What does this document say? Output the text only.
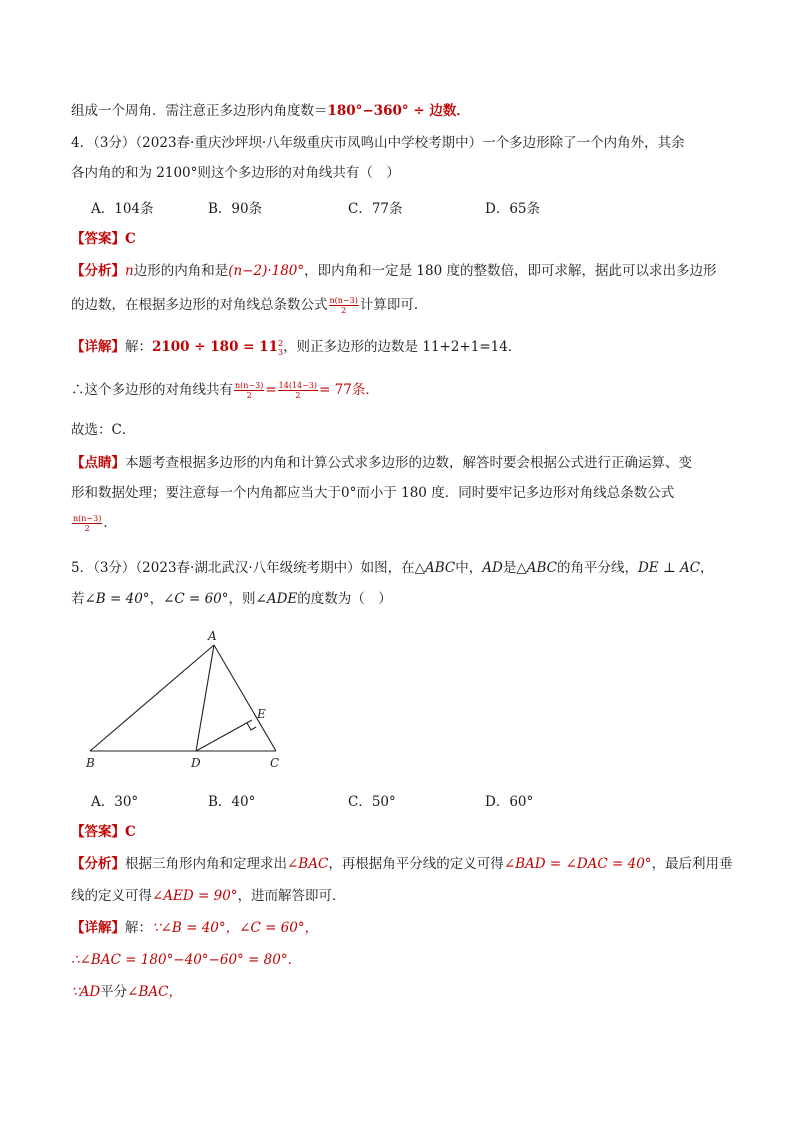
组成一个周角．需注意正多边形内角度数＝180°−360° ÷ 边数．
4．（3分）（2023春·重庆沙坪坝·八年级重庆市凤鸣山中学校考期中）一个多边形除了一个内角外，其余
各内角的和为 2100°则这个多边形的对角线共有（　）
A．104条	B．90条	C．77条	D．65条
【答案】C
【分析】n边形的内角和是(n−2)·180°，即内角和一定是 180 度的整数倍，即可求解，据此可以求出多边形
的边数，在根据多边形的对角线总条数公式 $\frac{n(n-3)}{2}$ 计算即可．
【详解】解：2100 ÷ 180 = 11 2
3 ，则正多边形的边数是 11+2+1=14．
∴这个多边形的对角线共有 $\frac{n(n-3)}{2} = \frac{14(14-3)}{2} = 77$条．
故选：C．
【点睛】本题考查根据多边形的内角和计算公式求多边形的边数，解答时要会根据公式进行正确运算、变
形和数据处理；要注意每一个内角都应当大于0°而小于 180 度．同时要牢记多边形对角线总条数公式
$\frac{n(n-3)}{2}$ ．
5．（3分）（2023春·湖北武汉·八年级统考期中）如图，在△ABC中，AD是△ABC的角平分线，DE ⊥ AC，
若∠B = 40°，∠C = 60°，则∠ADE的度数为（　）
A
B	D	C
E
A．30°	B．40°	C．50°	D．60°
【答案】C
【分析】根据三角形内角和定理求出∠BAC，再根据角平分线的定义可得∠BAD = ∠DAC = 40°，最后利用垂
线的定义可得∠AED = 90°，进而解答即可．
【详解】解：∵∠B = 40°，∠C = 60°，
∴∠BAC = 180°−40°−60° = 80°.
∵AD平分∠BAC，
